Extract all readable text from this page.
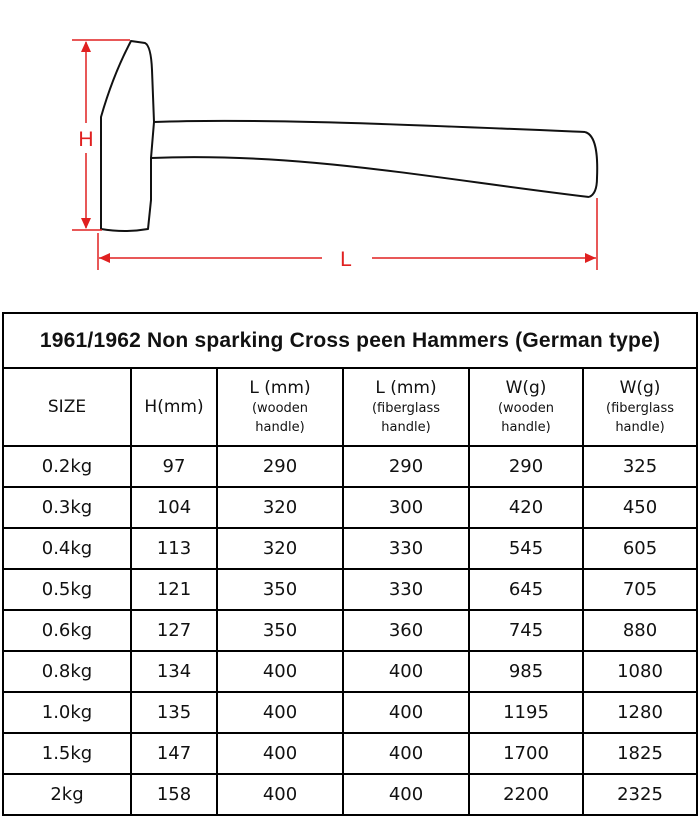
H
L
1961/1962 Non sparking Cross peen Hammers (German type)					

SIZE	H(mm)	L (mm)
(wooden
handle)	L (mm)
(fiberglass
handle)	W(g)
(wooden
handle)	W(g)
(fiberglass
handle)

0.2kg	97	290	290	290	325
0.3kg	104	320	300	420	450
0.4kg	113	320	330	545	605
0.5kg	121	350	330	645	705
0.6kg	127	350	360	745	880
0.8kg	134	400	400	985	1080
1.0kg	135	400	400	1195	1280
1.5kg	147	400	400	1700	1825
2kg	158	400	400	2200	2325
